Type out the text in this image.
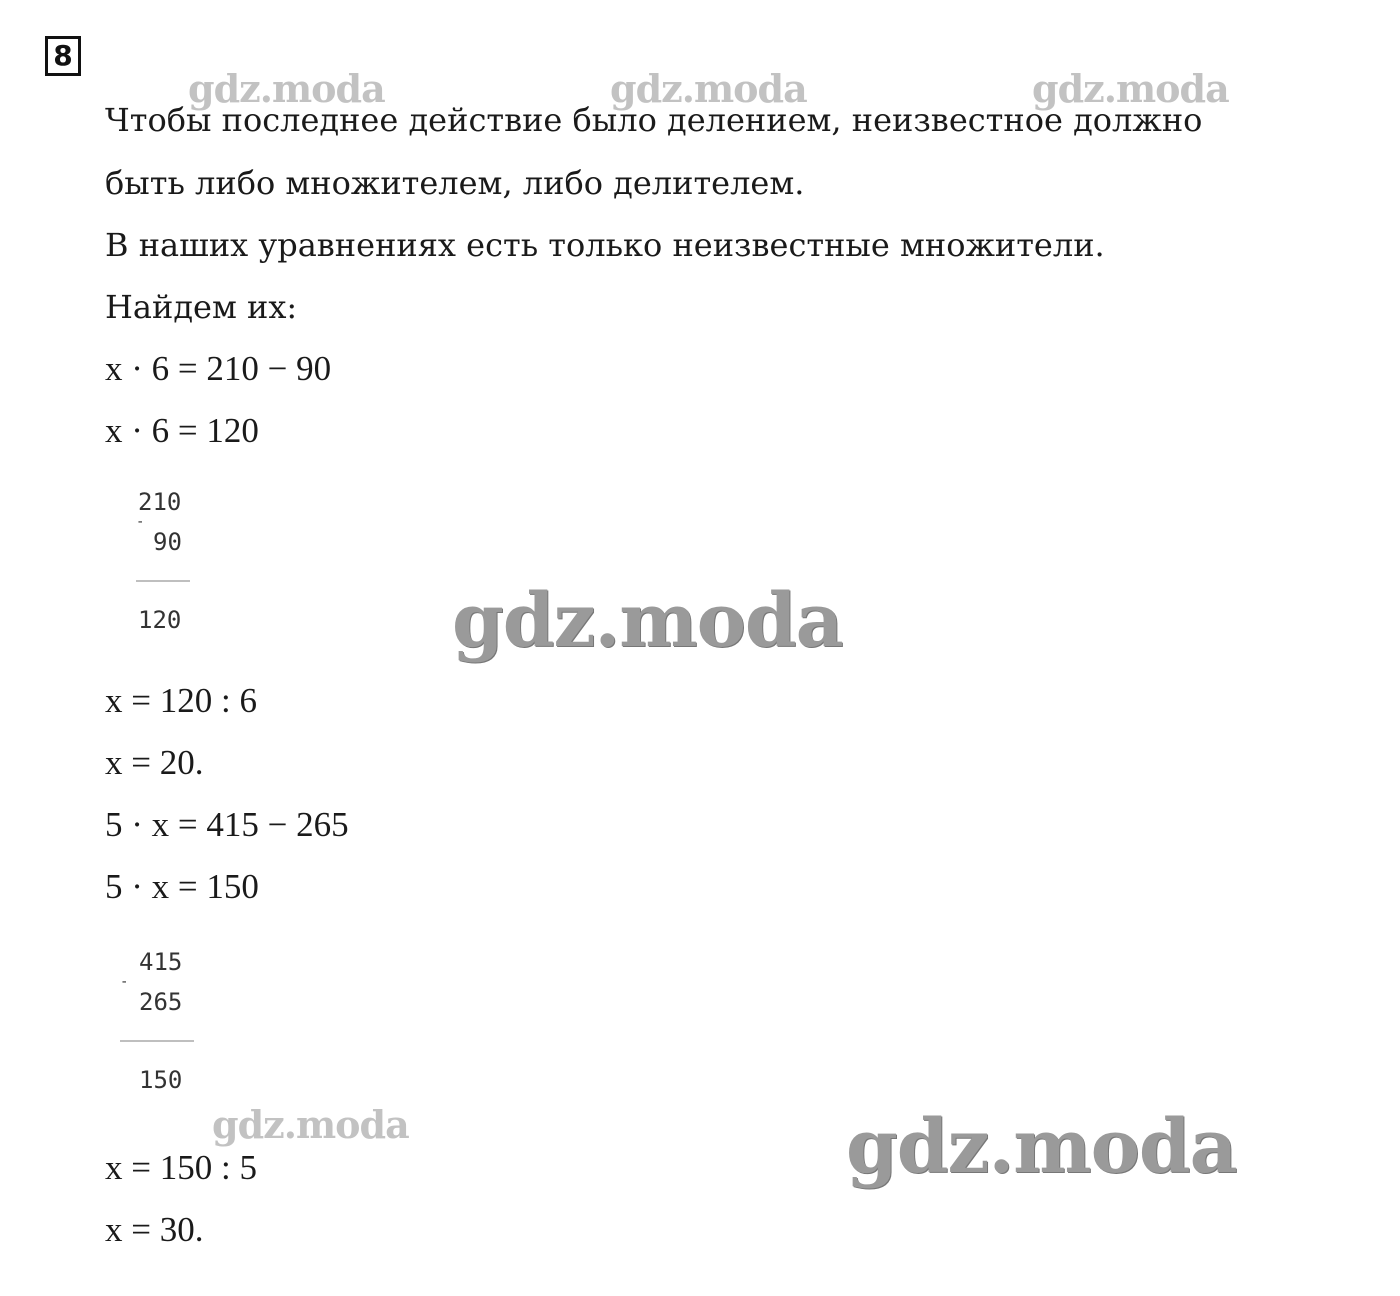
8
gdz.moda	gdz.moda	gdz.moda
gdz.moda
gdz.moda	gdz.moda
Чтобы последнее действие было делением, неизвестное должно
быть либо множителем, либо делителем.
В наших уравнениях есть только неизвестные множители.
Найдем их:
x · 6 = 210 − 90
x · 6 = 120
-
210
90
120
x = 120 : 6
x = 20.
5 · x = 415 − 265
5 · x = 150
-
415
265
150
x = 150 : 5
x = 30.
